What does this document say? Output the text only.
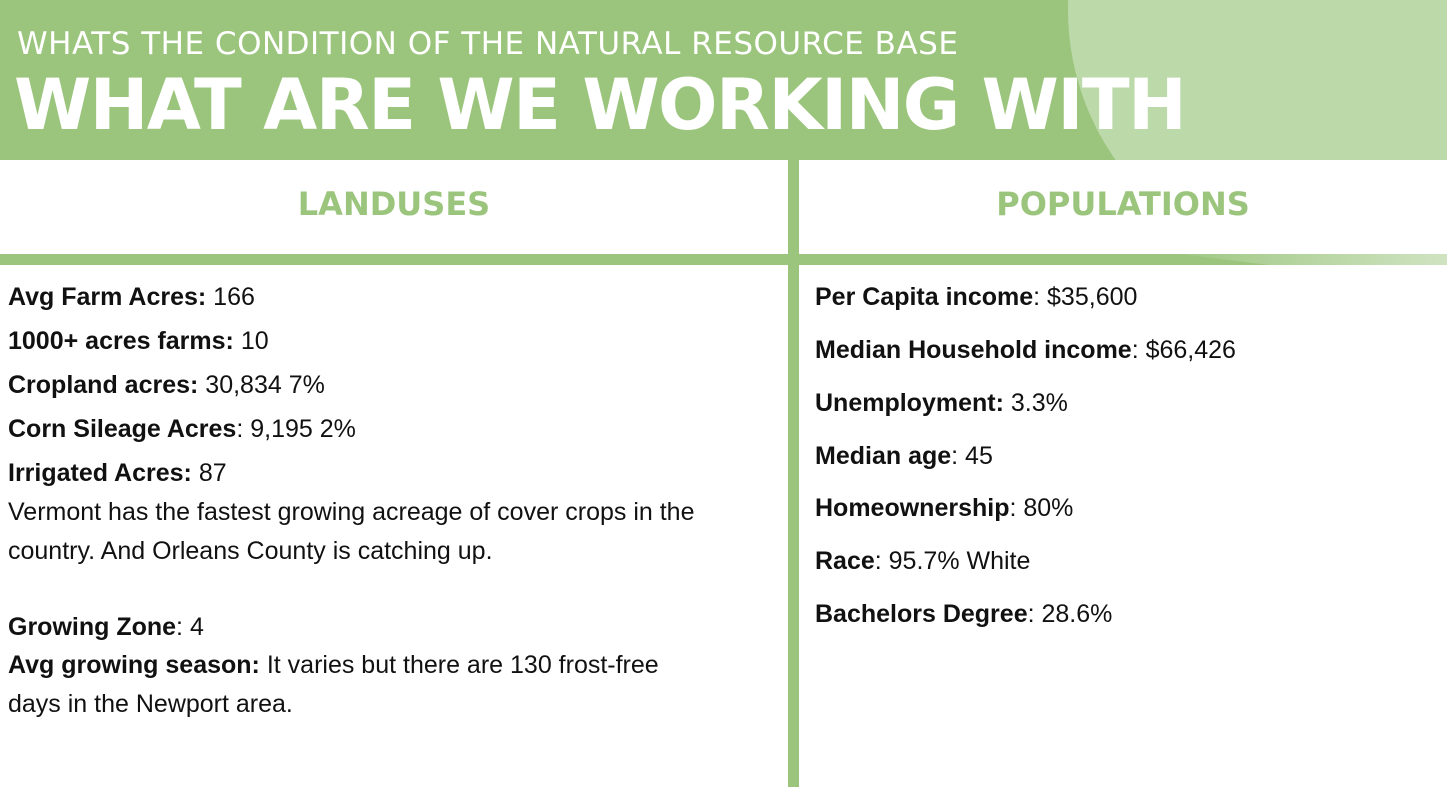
WHATS THE CONDITION OF THE NATURAL RESOURCE BASE
WHAT ARE WE WORKING WITH
LANDUSES	POPULATIONS
Avg Farm Acres: 166
1000+ acres farms: 10
Cropland acres: 30,834 7%
Corn Sileage Acres: 9,195 2%
Irrigated Acres: 87
Vermont has the fastest growing acreage of cover crops in the
country. And Orleans County is catching up.
Growing Zone: 4
Avg growing season: It varies but there are 130 frost-free
days in the Newport area.
Per Capita income: $35,600
Median Household income: $66,426
Unemployment: 3.3%
Median age: 45
Homeownership: 80%
Race: 95.7% White
Bachelors Degree: 28.6%
